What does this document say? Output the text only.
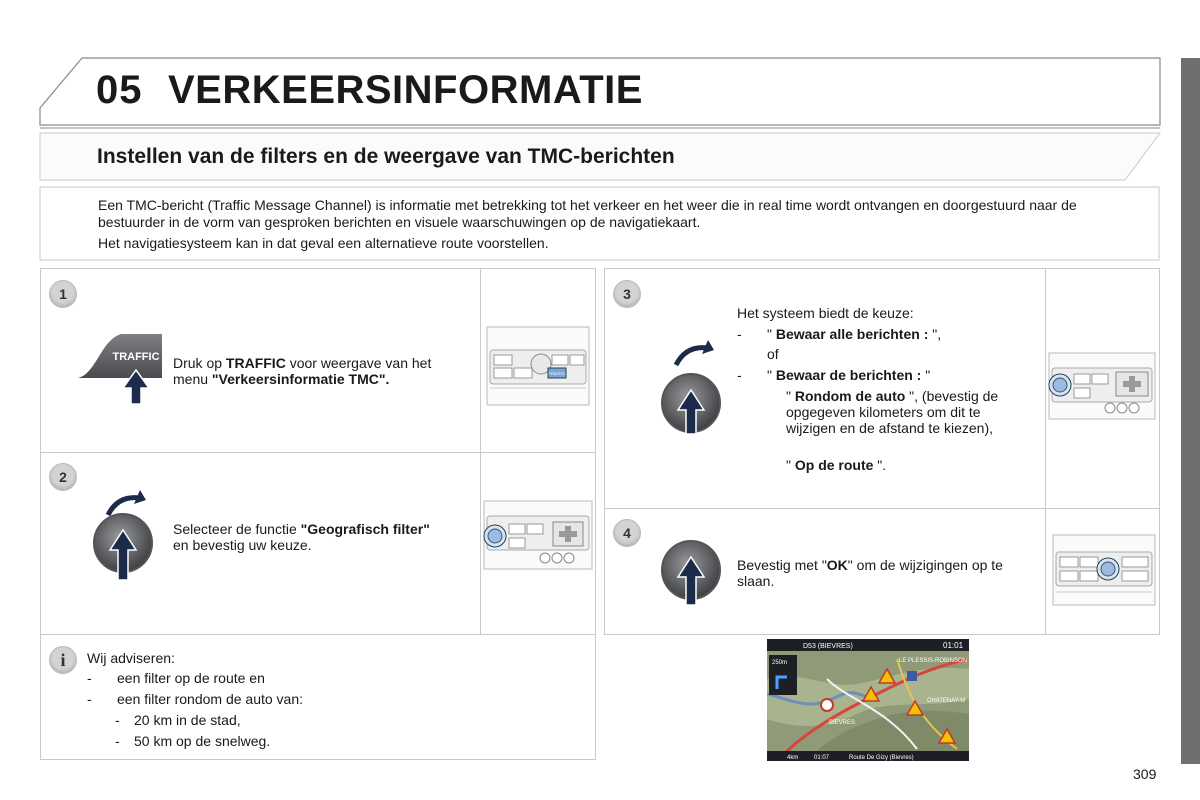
05 VERKEERSINFORMATIE
Instellen van de filters en de weergave van TMC-berichten

Een TMC-bericht (Traffic Message Channel) is informatie met betrekking tot het verkeer en het weer die in real time wordt ontvangen en doorgestuurd naar de bestuurder in de vorm van gesproken berichten en visuele waarschuwingen op de navigatiekaart.

Het navigatiesysteem kan in dat geval een alternatieve route voorstellen.

1
TRAFFIC Druk op TRAFFIC voor weergave van het menu "Verkeersinformatie TMC".	TRAFFIC
2
Selecteer de functie "Geografisch filter" en bevestig uw keuze.
3
Het systeem biedt de keuze:
- " Bewaar alle berichten : ",
of
- " Bewaar de berichten : "
" Rondom de auto ", (bevestig de opgegeven kilometers om dit te wijzigen en de afstand te kiezen),
" Op de route ".
4
Bevestig met "OK" om de wijzigingen op te slaan.
i	Wij adviseren:
- een filter op de route en
- een filter rondom de auto van:
- 20 km in de stad,
- 50 km op de snelweg.
D53 (BIEVRES)	01:01
250m	LE PLESSIS-ROBINSON
BIEVRES
CHATENAY-M
4km	01:07	Route De Gizy (Bievres)
309
